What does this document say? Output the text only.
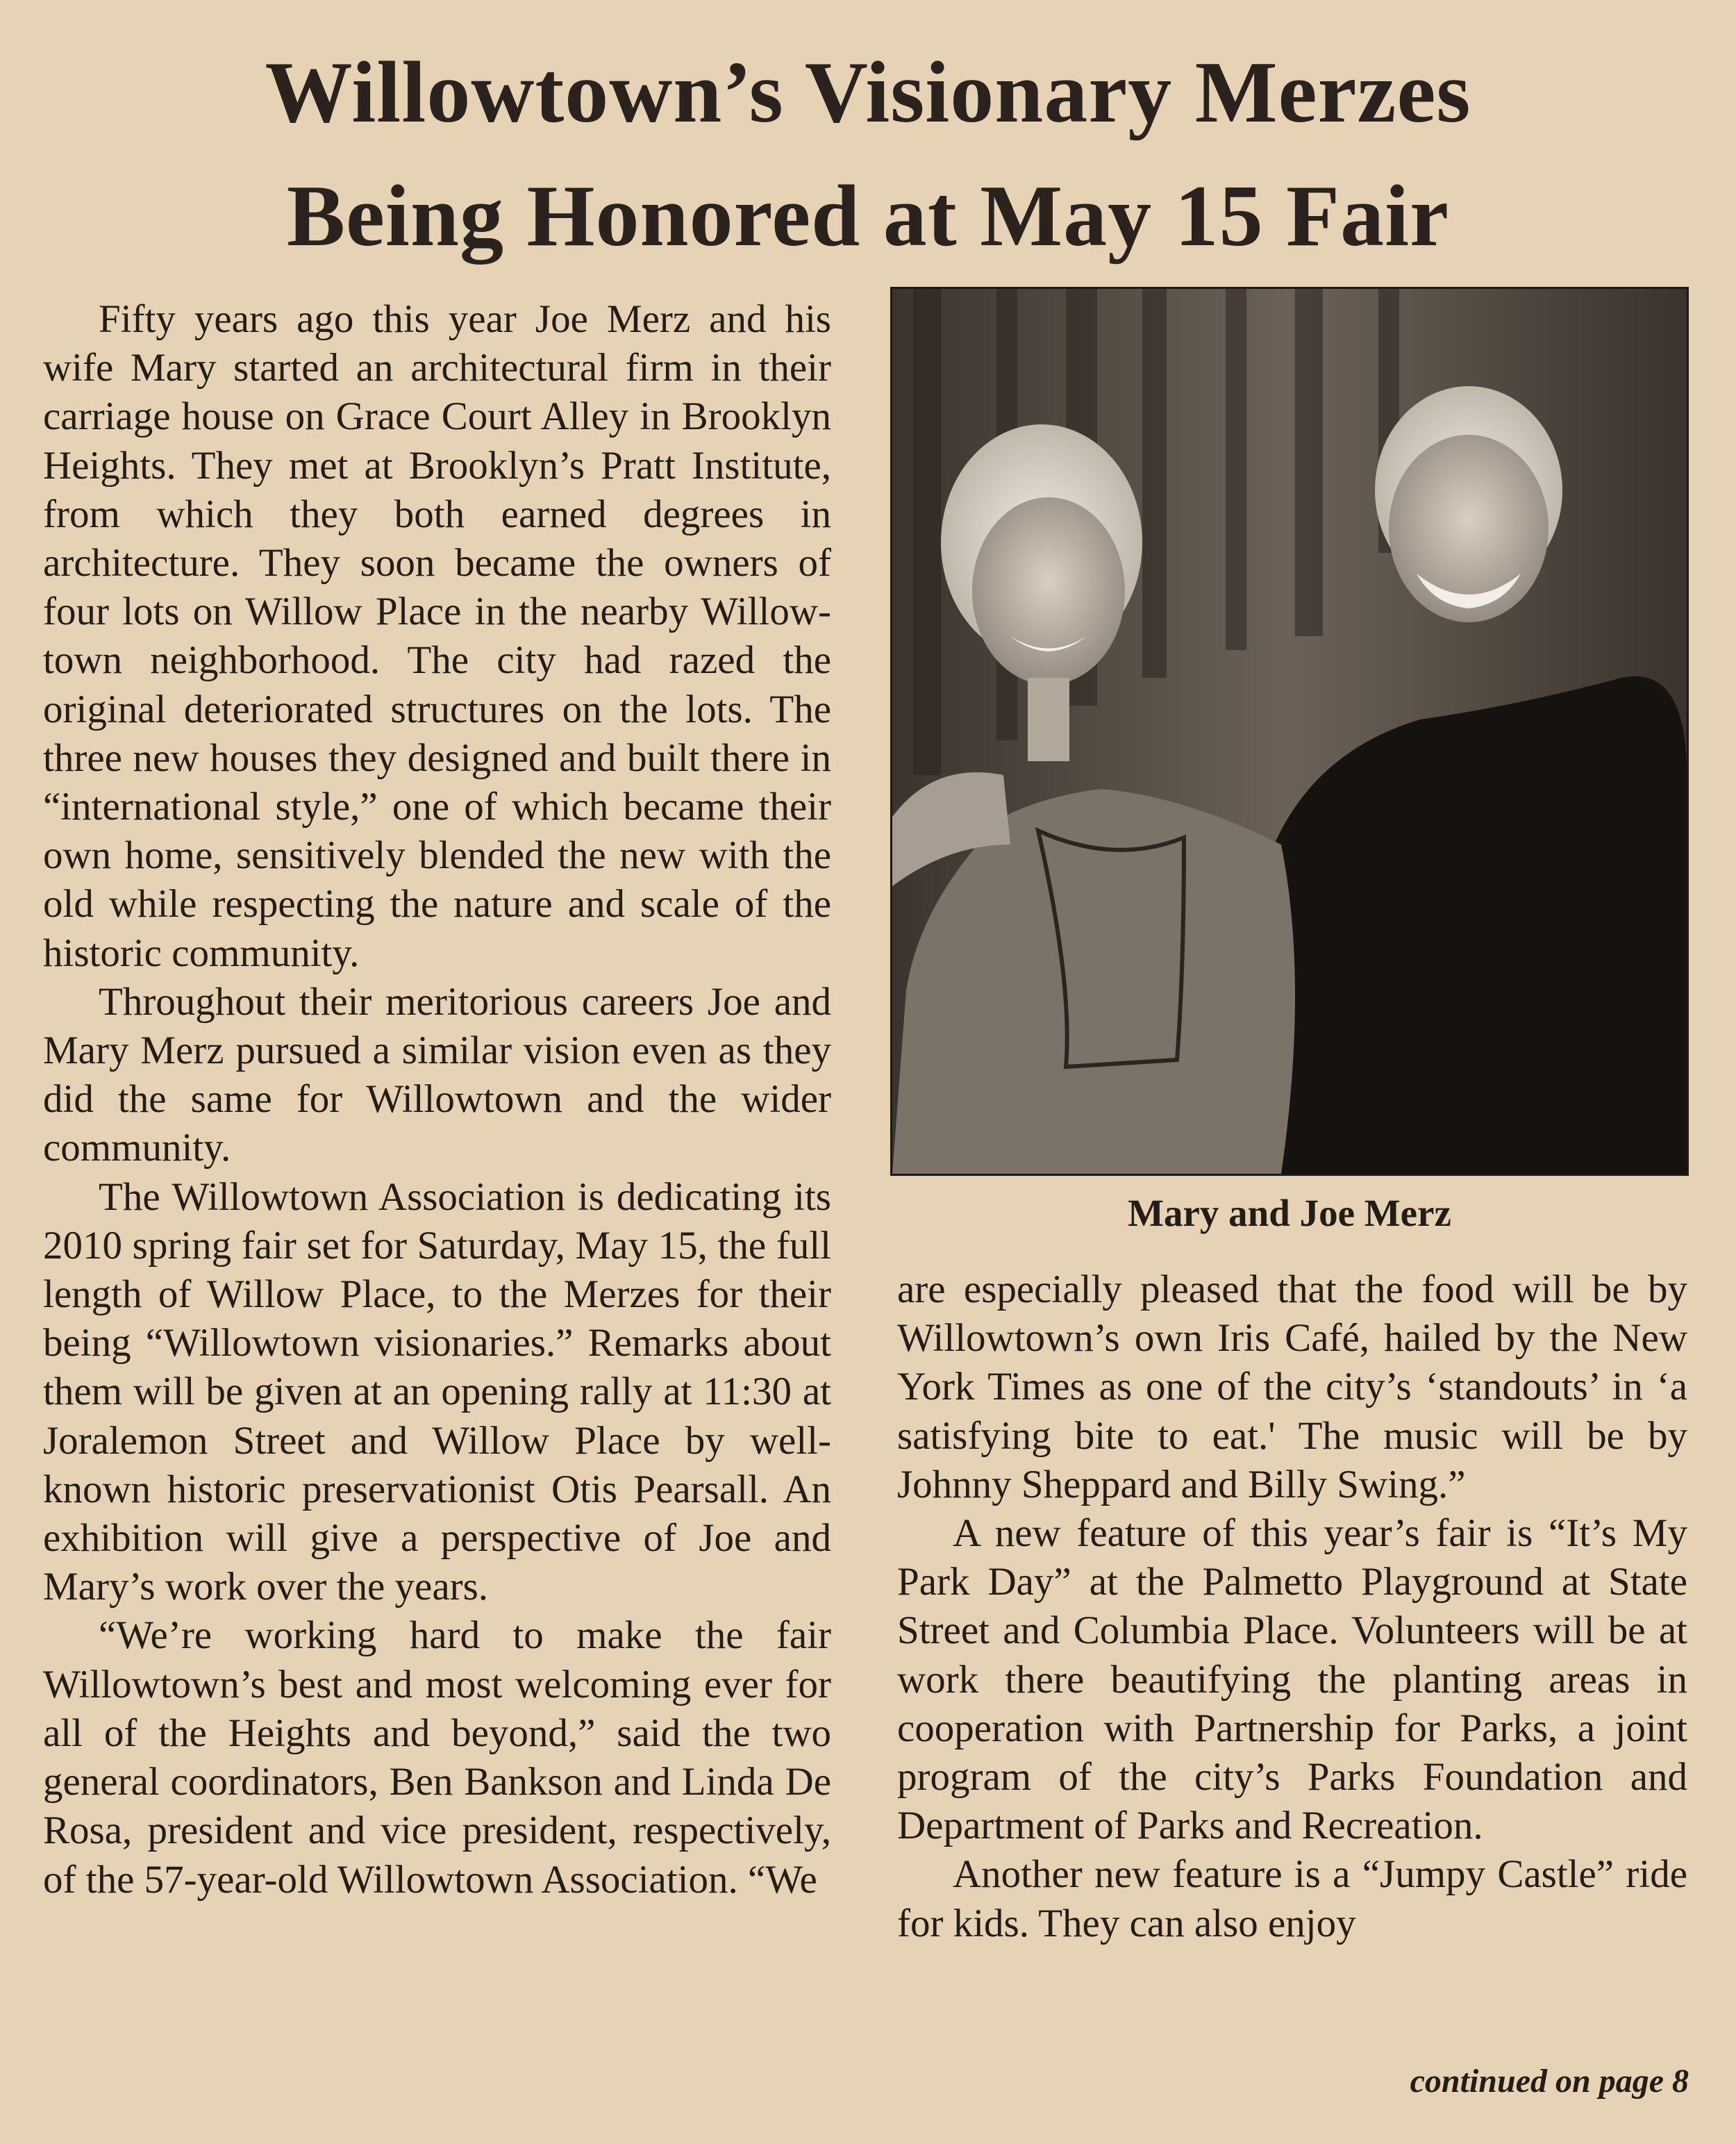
Willowtown’s Visionary Merzes
Being Honored at May 15 Fair

Fifty years ago this year Joe Merz and his wife Mary started an architectural firm in their carriage house on Grace Court Alley in Brooklyn Heights. They met at Brooklyn’s Pratt Institute, from which they both earned degrees in architecture. They soon became the owners of four lots on Willow Place in the nearby Willowtown neighborhood. The city had razed the original deteriorated structures on the lots. The three new houses they designed and built there in “international style,” one of which became their own home, sensitively blended the new with the old while respecting the nature and scale of the historic community.

Throughout their meritorious careers Joe and Mary Merz pursued a similar vision even as they did the same for Willowtown and the wider community.

The Willowtown Association is dedicating its 2010 spring fair set for Saturday, May 15, the full length of Willow Place, to the Merzes for their being “Willowtown visionaries.” Remarks about them will be given at an opening rally at 11:30 at Joralemon Street and Willow Place by well-known historic preservationist Otis Pearsall. An exhibition will give a perspective of Joe and Mary’s work over the years.

“We’re working hard to make the fair Willowtown’s best and most welcoming ever for all of the Heights and beyond,” said the two general coordinators, Ben Bankson and Linda De Rosa, president and vice president, respectively, of the 57-year-old Willowtown Association. “We

Mary and Joe Merz

are especially pleased that the food will be by Willowtown’s own Iris Café, hailed by the New York Times as one of the city’s ‘standouts’ in ‘a satisfying bite to eat.' The music will be by Johnny Sheppard and Billy Swing.”

A new feature of this year’s fair is “It’s My Park Day” at the Palmetto Playground at State Street and Columbia Place. Volunteers will be at work there beautifying the planting areas in cooperation with Partnership for Parks, a joint program of the city’s Parks Foundation and Department of Parks and Recreation.

Another new feature is a “Jumpy Castle” ride for kids. They can also enjoy

continued on page 8
